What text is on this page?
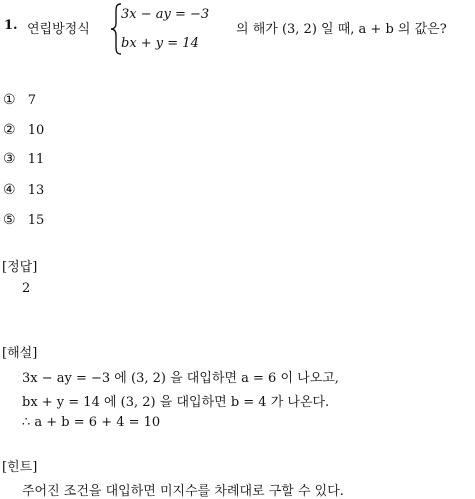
1. 연립방정식
3x − ay = −3
bx + y = 14
의 해가 (3, 2) 일 때, a + b 의 값은?
① 7
② 10
③ 11
④ 13
⑤ 15
[정답]
2
[해설]
3x − ay = −3 에 (3, 2) 을 대입하면 a = 6 이 나오고,
bx + y = 14 에 (3, 2) 을 대입하면 b = 4 가 나온다.
∴ a + b = 6 + 4 = 10
[힌트]
주어진 조건을 대입하면 미지수를 차례대로 구할 수 있다.
